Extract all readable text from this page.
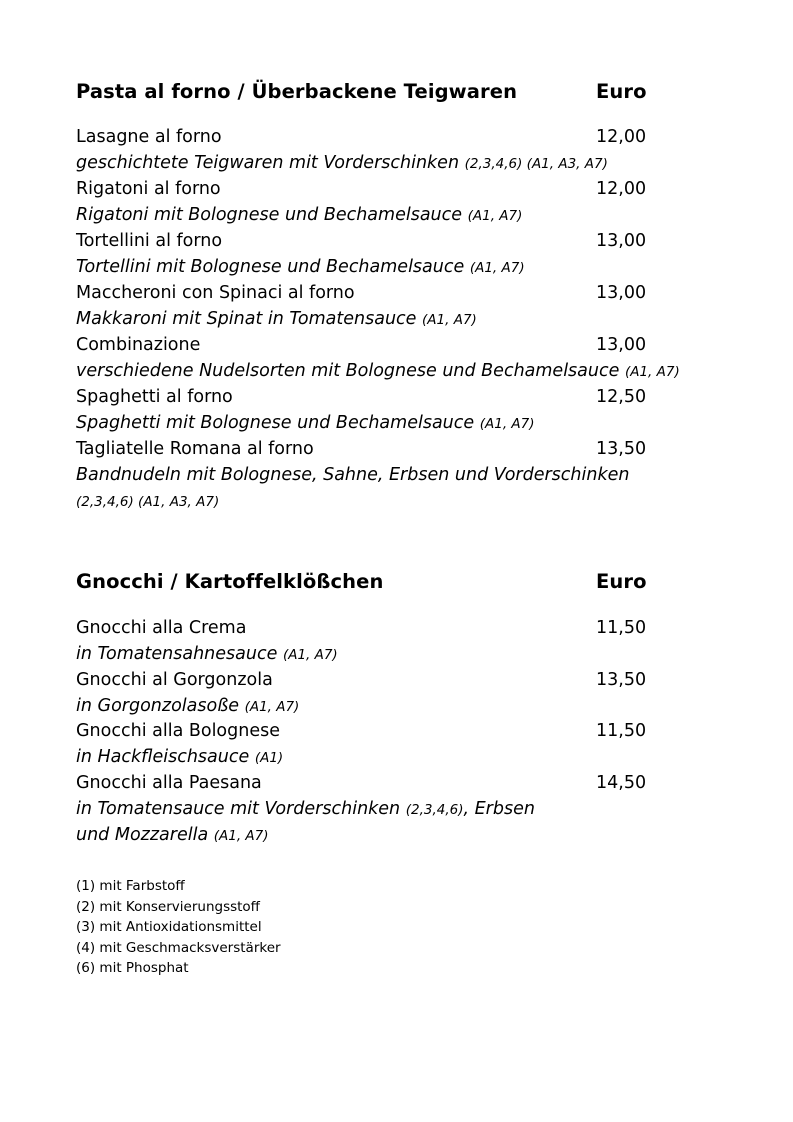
Pasta al forno / Überbackene Teigwaren	Euro
Lasagne al forno	12,00
geschichtete Teigwaren mit Vorderschinken (2,3,4,6) (A1, A3, A7)
Rigatoni al forno	12,00
Rigatoni mit Bolognese und Bechamelsauce (A1, A7)
Tortellini al forno	13,00
Tortellini mit Bolognese und Bechamelsauce (A1, A7)
Maccheroni con Spinaci al forno	13,00
Makkaroni mit Spinat in Tomatensauce (A1, A7)
Combinazione	13,00
verschiedene Nudelsorten mit Bolognese und Bechamelsauce (A1, A7)
Spaghetti al forno	12,50
Spaghetti mit Bolognese und Bechamelsauce (A1, A7)
Tagliatelle Romana al forno	13,50
Bandnudeln mit Bolognese, Sahne, Erbsen und Vorderschinken
(2,3,4,6) (A1, A3, A7)
Gnocchi / Kartoffelklößchen	Euro
Gnocchi alla Crema	11,50
in Tomatensahnesauce (A1, A7)
Gnocchi al Gorgonzola	13,50
in Gorgonzolasoße (A1, A7)
Gnocchi alla Bolognese	11,50
in Hackfleischsauce (A1)
Gnocchi alla Paesana	14,50
in Tomatensauce mit Vorderschinken (2,3,4,6), Erbsen
und Mozzarella (A1, A7)
(1) mit Farbstoff
(2) mit Konservierungsstoff
(3) mit Antioxidationsmittel
(4) mit Geschmacksverstärker
(6) mit Phosphat
